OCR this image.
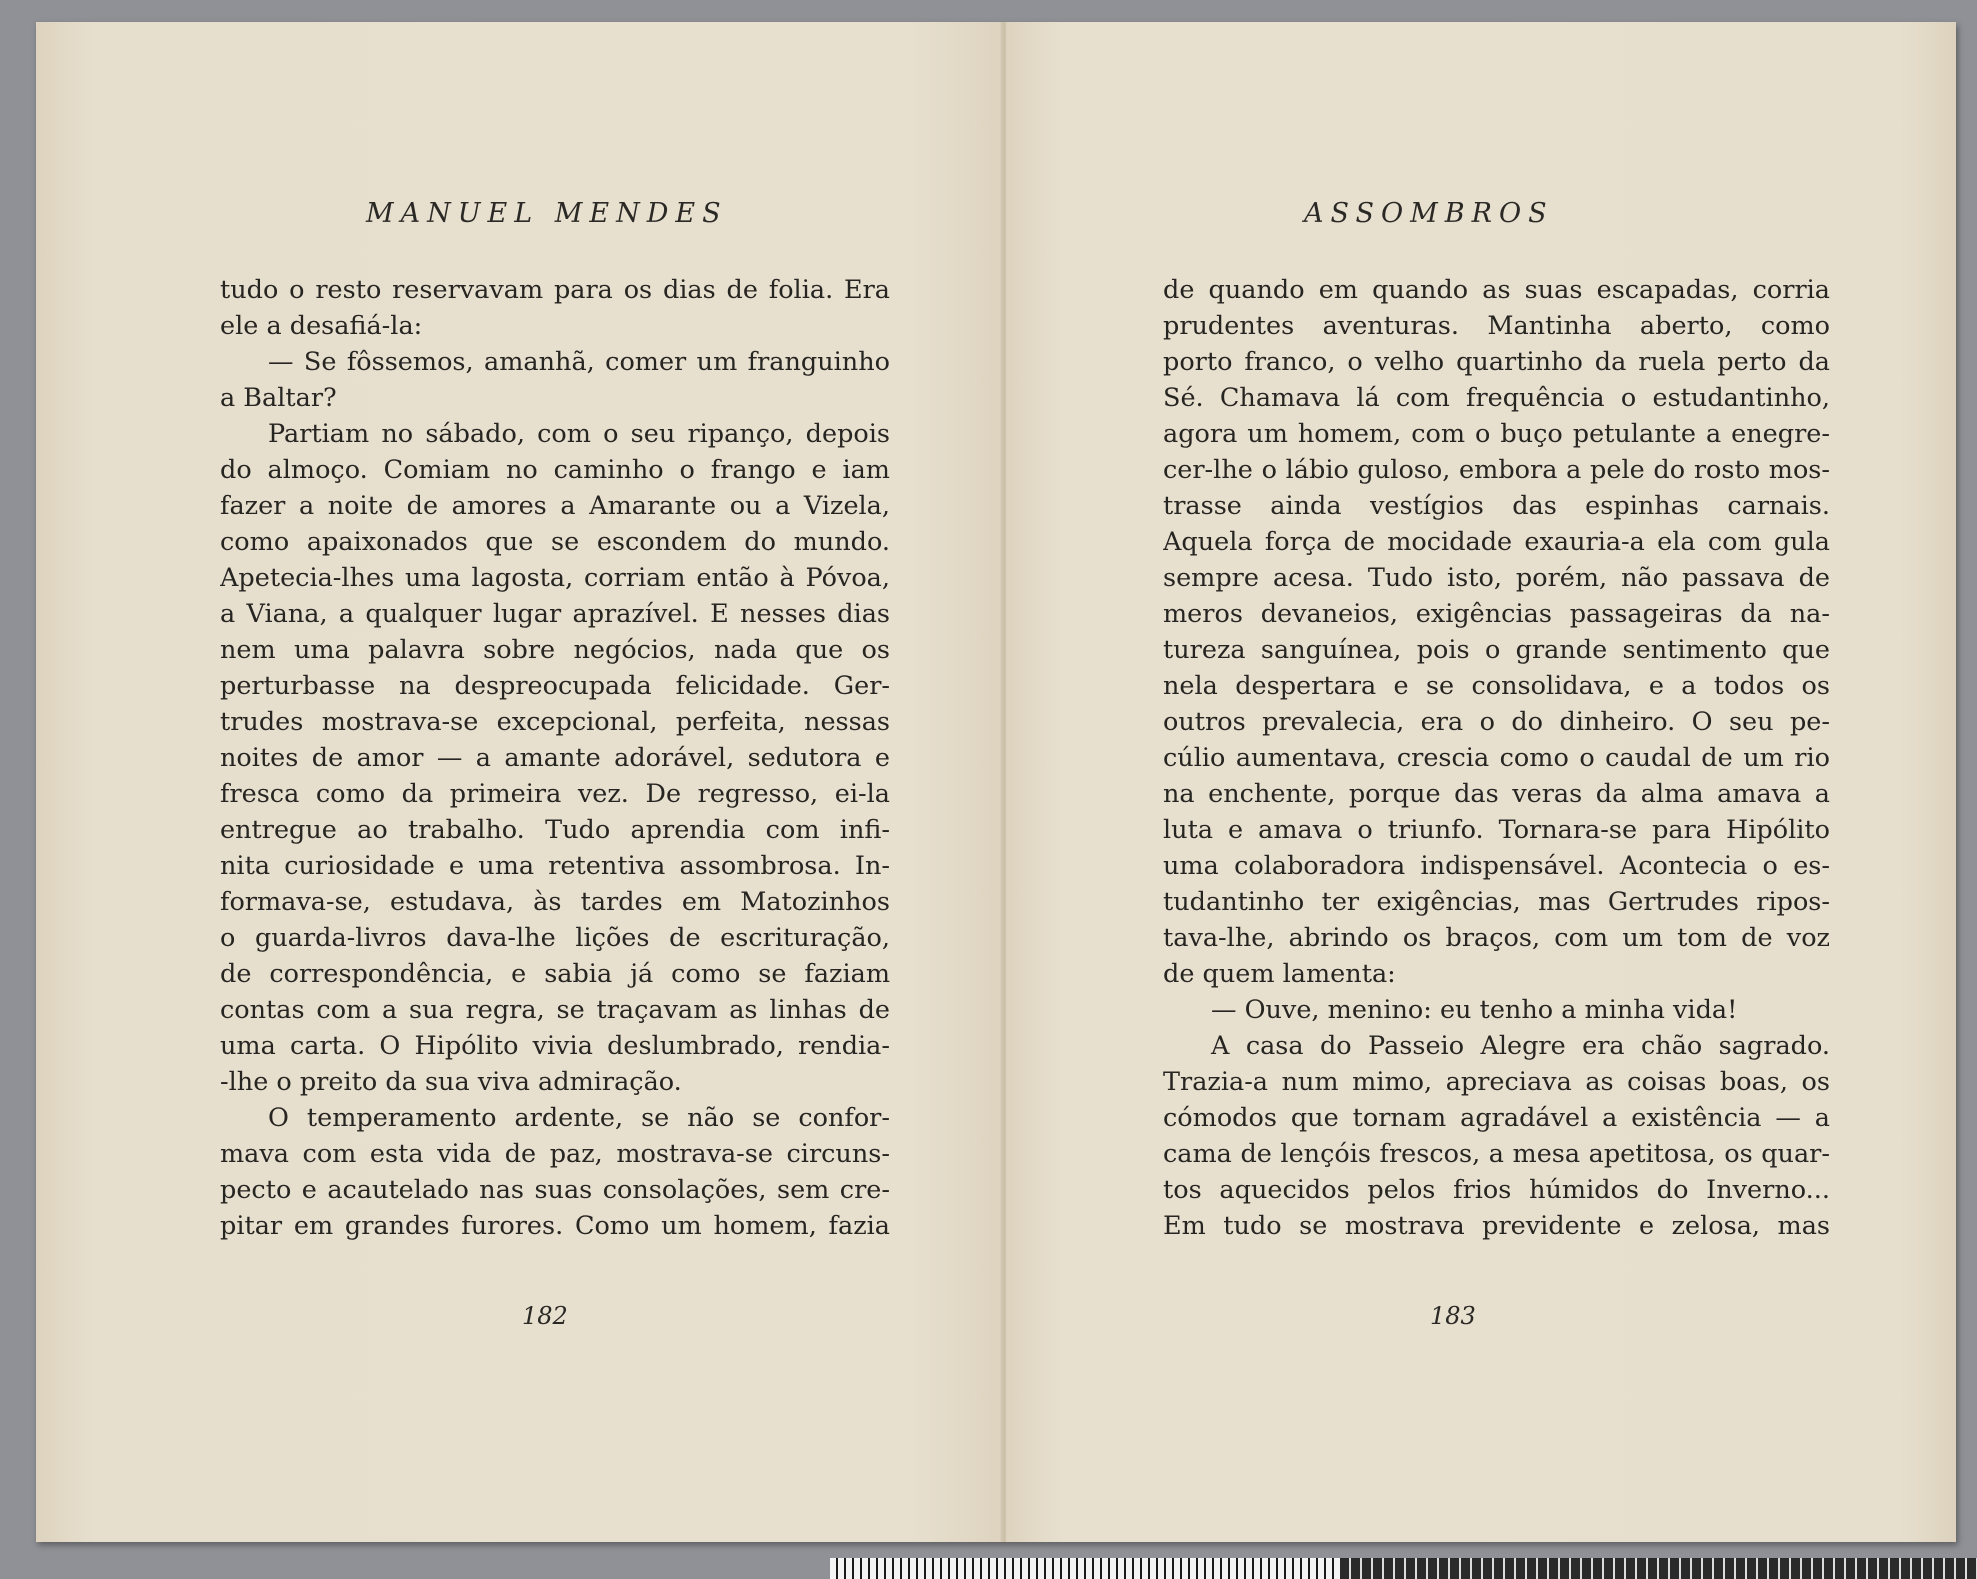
MANUEL MENDES
tudo o resto reservavam para os dias de folia. Era
ele a desafiá-la:
— Se fôssemos, amanhã, comer um franguinho
a Baltar?
Partiam no sábado, com o seu ripanço, depois
do almoço. Comiam no caminho o frango e iam
fazer a noite de amores a Amarante ou a Vizela,
como apaixonados que se escondem do mundo.
Apetecia-lhes uma lagosta, corriam então à Póvoa,
a Viana, a qualquer lugar aprazível. E nesses dias
nem uma palavra sobre negócios, nada que os
perturbasse na despreocupada felicidade. Ger-
trudes mostrava-se excepcional, perfeita, nessas
noites de amor — a amante adorável, sedutora e
fresca como da primeira vez. De regresso, ei-la
entregue ao trabalho. Tudo aprendia com infi-
nita curiosidade e uma retentiva assombrosa. In-
formava-se, estudava, às tardes em Matozinhos
o guarda-livros dava-lhe lições de escrituração,
de correspondência, e sabia já como se faziam
contas com a sua regra, se traçavam as linhas de
uma carta. O Hipólito vivia deslumbrado, rendia-
-lhe o preito da sua viva admiração.
O temperamento ardente, se não se confor-
mava com esta vida de paz, mostrava-se circuns-
pecto e acautelado nas suas consolações, sem cre-
pitar em grandes furores. Como um homem, fazia
182
ASSOMBROS
de quando em quando as suas escapadas, corria
prudentes aventuras. Mantinha aberto, como
porto franco, o velho quartinho da ruela perto da
Sé. Chamava lá com frequência o estudantinho,
agora um homem, com o buço petulante a enegre-
cer-lhe o lábio guloso, embora a pele do rosto mos-
trasse ainda vestígios das espinhas carnais.
Aquela força de mocidade exauria-a ela com gula
sempre acesa. Tudo isto, porém, não passava de
meros devaneios, exigências passageiras da na-
tureza sanguínea, pois o grande sentimento que
nela despertara e se consolidava, e a todos os
outros prevalecia, era o do dinheiro. O seu pe-
cúlio aumentava, crescia como o caudal de um rio
na enchente, porque das veras da alma amava a
luta e amava o triunfo. Tornara-se para Hipólito
uma colaboradora indispensável. Acontecia o es-
tudantinho ter exigências, mas Gertrudes ripos-
tava-lhe, abrindo os braços, com um tom de voz
de quem lamenta:
— Ouve, menino: eu tenho a minha vida!
A casa do Passeio Alegre era chão sagrado.
Trazia-a num mimo, apreciava as coisas boas, os
cómodos que tornam agradável a existência — a
cama de lençóis frescos, a mesa apetitosa, os quar-
tos aquecidos pelos frios húmidos do Inverno...
Em tudo se mostrava previdente e zelosa, mas
183
